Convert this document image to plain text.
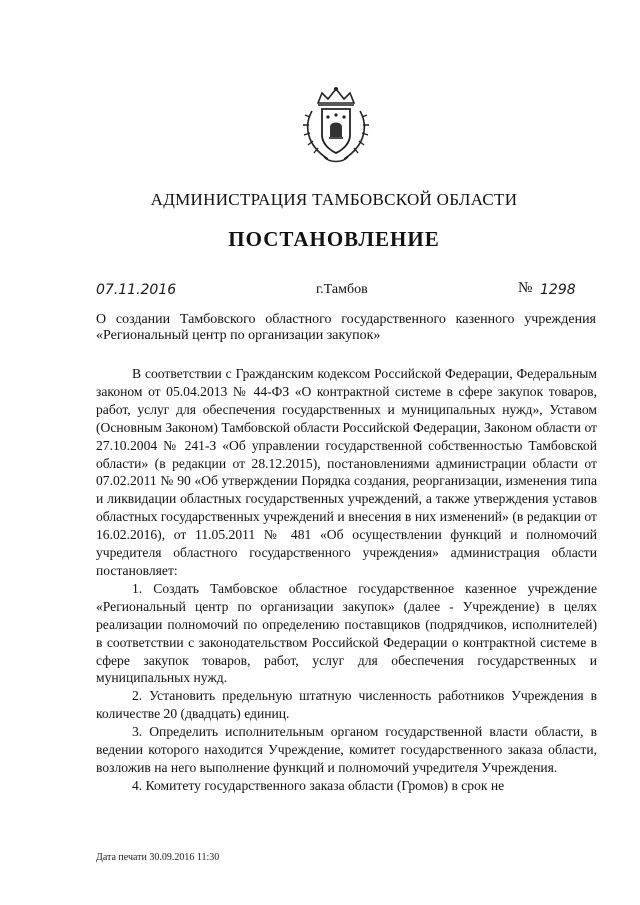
АДМИНИСТРАЦИЯ ТАМБОВСКОЙ ОБЛАСТИ
ПОСТАНОВЛЕНИЕ
07.11.2016	г.Тамбов	№ 1298
О создании Тамбовского областного государственного казенного учреждения «Региональный центр по организации закупок»

В соответствии с Гражданским кодексом Российской Федерации, Федеральным законом от 05.04.2013 № 44-ФЗ «О контрактной системе в сфере закупок товаров, работ, услуг для обеспечения государственных и муниципальных нужд», Уставом (Основным Законом) Тамбовской области Российской Федерации, Законом области от 27.10.2004 № 241-З «Об управлении государственной собственностью Тамбовской области» (в редакции от 28.12.2015), постановлениями администрации области от 07.02.2011 № 90 «Об утверждении Порядка создания, реорганизации, изменения типа и ликвидации областных государственных учреждений, а также утверждения уставов областных государственных учреждений и внесения в них изменений» (в редакции от 16.02.2016), от 11.05.2011 № 481 «Об осуществлении функций и полномочий учредителя областного государственного учреждения» администрация области постановляет:

1. Создать Тамбовское областное государственное казенное учреждение «Региональный центр по организации закупок» (далее - Учреждение) в целях реализации полномочий по определению поставщиков (подрядчиков, исполнителей) в соответствии с законодательством Российской Федерации о контрактной системе в сфере закупок товаров, работ, услуг для обеспечения государственных и муниципальных нужд.

2. Установить предельную штатную численность работников Учреждения в количестве 20 (двадцать) единиц.

3. Определить исполнительным органом государственной власти области, в ведении которого находится Учреждение, комитет государственного заказа области, возложив на него выполнение функций и полномочий учредителя Учреждения.

4. Комитету государственного заказа области (Громов) в срок не

Дата печати 30.09.2016 11:30
